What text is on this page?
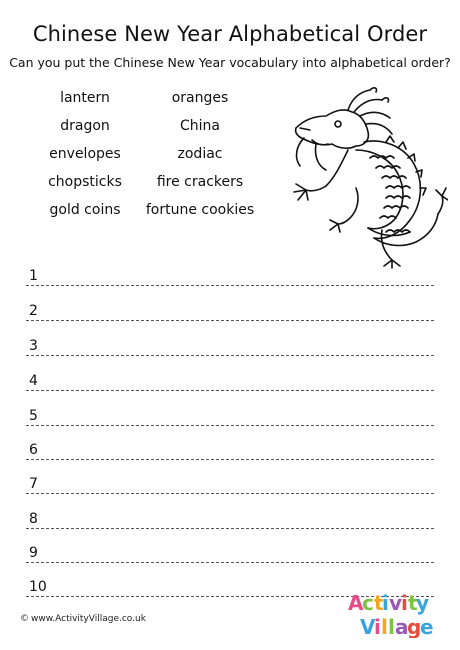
Chinese New Year Alphabetical Order

Can you put the Chinese New Year vocabulary into alphabetical order?

lantern
dragon
envelopes
chopsticks
gold coins
oranges
China
zodiac
fire crackers
fortune cookies
1
2
3
4
5
6
7
8
9
10
© www.ActivityVillage.co.uk
A
c t
i v
i t
y
V
i l l a
g
e
